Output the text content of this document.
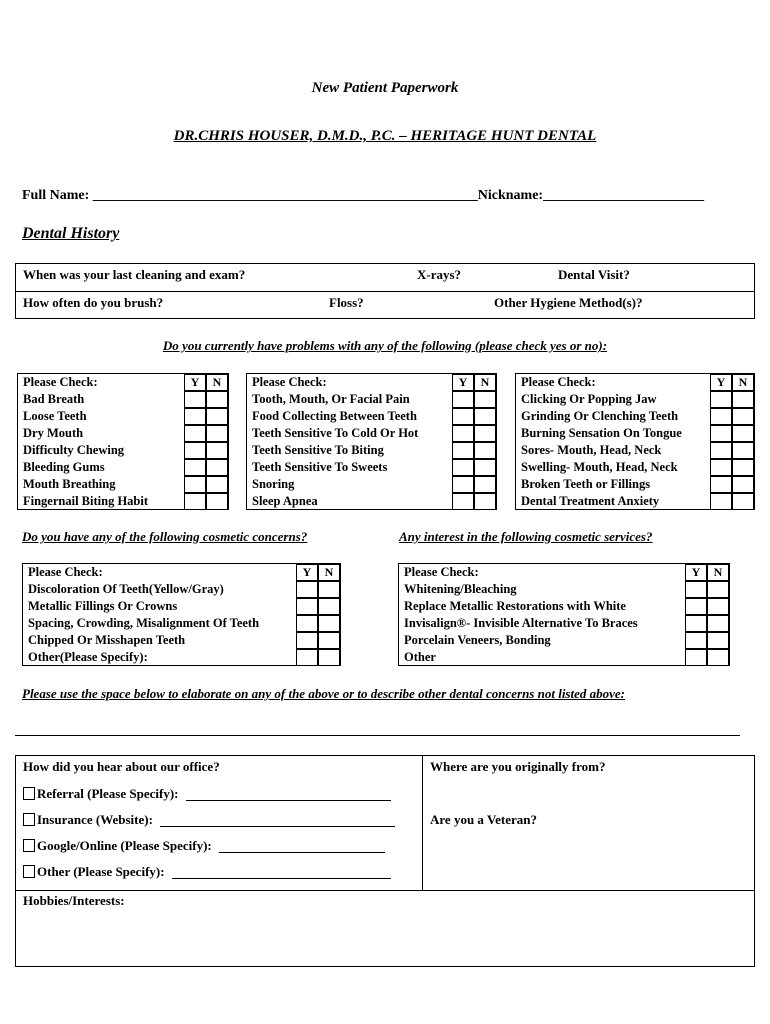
New Patient Paperwork
DR.CHRIS HOUSER, D.M.D., P.C. – HERITAGE HUNT DENTAL
Full Name: _______________________________________________________Nickname:_______________________
Dental History
When was your last cleaning and exam?	X-rays?	Dental Visit?
How often do you brush?	Floss?	Other Hygiene Method(s)?
Do you currently have problems with any of the following (please check yes or no):
Please Check:	Y	N
Bad Breath
Loose Teeth
Dry Mouth
Difficulty Chewing
Bleeding Gums
Mouth Breathing
Fingernail Biting Habit
Please Check:	Y	N
Tooth, Mouth, Or Facial Pain
Food Collecting Between Teeth
Teeth Sensitive To Cold Or Hot
Teeth Sensitive To Biting
Teeth Sensitive To Sweets
Snoring
Sleep Apnea
Please Check:	Y	N
Clicking Or Popping Jaw
Grinding Or Clenching Teeth
Burning Sensation On Tongue
Sores- Mouth, Head, Neck
Swelling- Mouth, Head, Neck
Broken Teeth or Fillings
Dental Treatment Anxiety
Do you have any of the following cosmetic concerns?	Any interest in the following cosmetic services?
Please Check:	Y	N
Discoloration Of Teeth(Yellow/Gray)
Metallic Fillings Or Crowns
Spacing, Crowding, Misalignment Of Teeth
Chipped Or Misshapen Teeth
Other(Please Specify):
Please Check:	Y	N
Whitening/Bleaching
Replace Metallic Restorations with White
Invisalign®- Invisible Alternative To Braces
Porcelain Veneers, Bonding
Other
Please use the space below to elaborate on any of the above or to describe other dental concerns not listed above:
How did you hear about our office?	Where are you originally from?
Are you a Veteran?
Referral (Please Specify):
Insurance (Website):
Google/Online (Please Specify):
Other (Please Specify):
Hobbies/Interests:
